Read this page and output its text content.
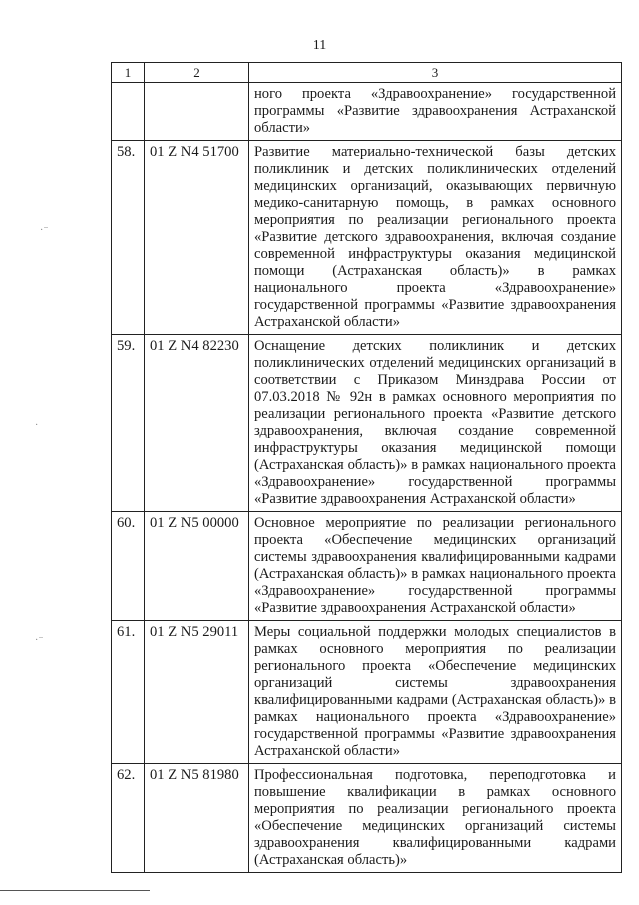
11
1	2	3
		ного проекта «Здравоохранение» государственной программы «Развитие здравоохранения Астраханской области»
58.	01 Z N4 51700	Развитие материально-технической базы детских поликлиник и детских поликлинических отделений медицинских организаций, оказывающих первичную медико-санитарную помощь, в рамках основного мероприятия по реализации регионального проекта «Развитие детского здравоохранения, включая создание современной инфраструктуры оказания медицинской помощи (Астраханская область)» в рамках национального проекта «Здравоохранение» государственной программы «Развитие здравоохранения Астраханской области»
59.	01 Z N4 82230	Оснащение детских поликлиник и детских поликлинических отделений медицинских организаций в соответствии с Приказом Минздрава России от 07.03.2018 № 92н в рамках основного мероприятия по реализации регионального проекта «Развитие детского здравоохранения, включая создание современной инфраструктуры оказания медицинской помощи (Астраханская область)» в рамках национального проекта «Здравоохранение» государственной программы «Развитие здравоохранения Астраханской области»
60.	01 Z N5 00000	Основное мероприятие по реализации регионального проекта «Обеспечение медицинских организаций системы здравоохранения квалифицированными кадрами (Астраханская область)» в рамках национального проекта «Здравоохранение» государственной программы «Развитие здравоохранения Астраханской области»
61.	01 Z N5 29011	Меры социальной поддержки молодых специалистов в рамках основного мероприятия по реализации регионального проекта «Обеспечение медицинских организаций системы здравоохранения квалифицированными кадрами (Астраханская область)» в рамках национального проекта «Здравоохранение» государственной программы «Развитие здравоохранения Астраханской области»
62.	01 Z N5 81980	Профессиональная подготовка, переподготовка и повышение квалификации в рамках основного мероприятия по реализации регионального проекта «Обеспечение медицинских организаций системы здравоохранения квалифицированными кадрами (Астраханская область)»
·⁻
·
·⁻
